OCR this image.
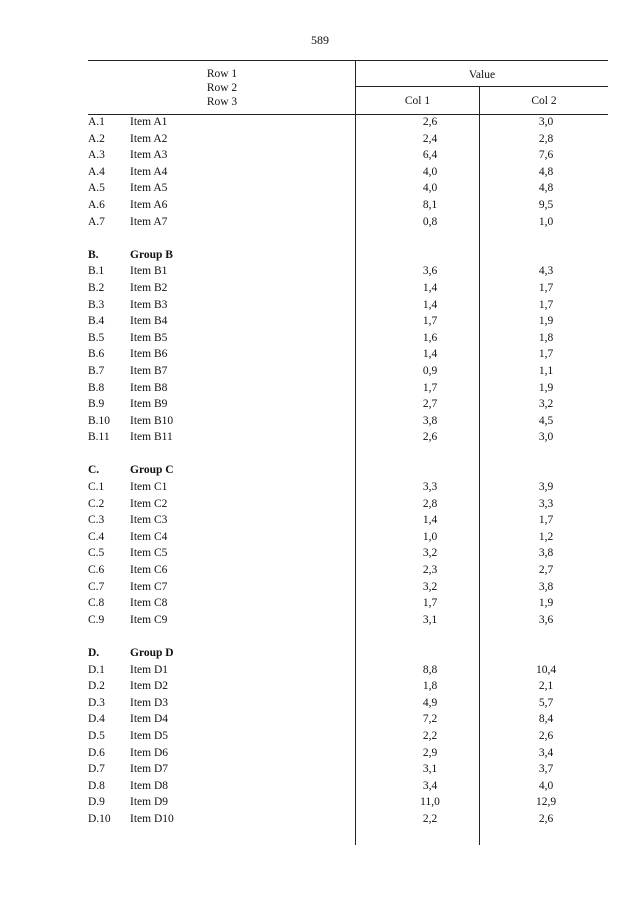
589
Row 1
Row 2
Row 3
Value
Col 1	Col 2
A.1	Item A1	2,6	3,0
A.2	Item A2	2,4	2,8
A.3	Item A3	6,4	7,6
A.4	Item A4	4,0	4,8
A.5	Item A5	4,0	4,8
A.6	Item A6	8,1	9,5
A.7	Item A7	0,8	1,0
B.	Group B
B.1	Item B1	3,6	4,3
B.2	Item B2	1,4	1,7
B.3	Item B3	1,4	1,7
B.4	Item B4	1,7	1,9
B.5	Item B5	1,6	1,8
B.6	Item B6	1,4	1,7
B.7	Item B7	0,9	1,1
B.8	Item B8	1,7	1,9
B.9	Item B9	2,7	3,2
B.10	Item B10	3,8	4,5
B.11	Item B11	2,6	3,0
C.	Group C
C.1	Item C1	3,3	3,9
C.2	Item C2	2,8	3,3
C.3	Item C3	1,4	1,7
C.4	Item C4	1,0	1,2
C.5	Item C5	3,2	3,8
C.6	Item C6	2,3	2,7
C.7	Item C7	3,2	3,8
C.8	Item C8	1,7	1,9
C.9	Item C9	3,1	3,6
D.	Group D
D.1	Item D1	8,8	10,4
D.2	Item D2	1,8	2,1
D.3	Item D3	4,9	5,7
D.4	Item D4	7,2	8,4
D.5	Item D5	2,2	2,6
D.6	Item D6	2,9	3,4
D.7	Item D7	3,1	3,7
D.8	Item D8	3,4	4,0
D.9	Item D9	11,0	12,9
D.10	Item D10	2,2	2,6
